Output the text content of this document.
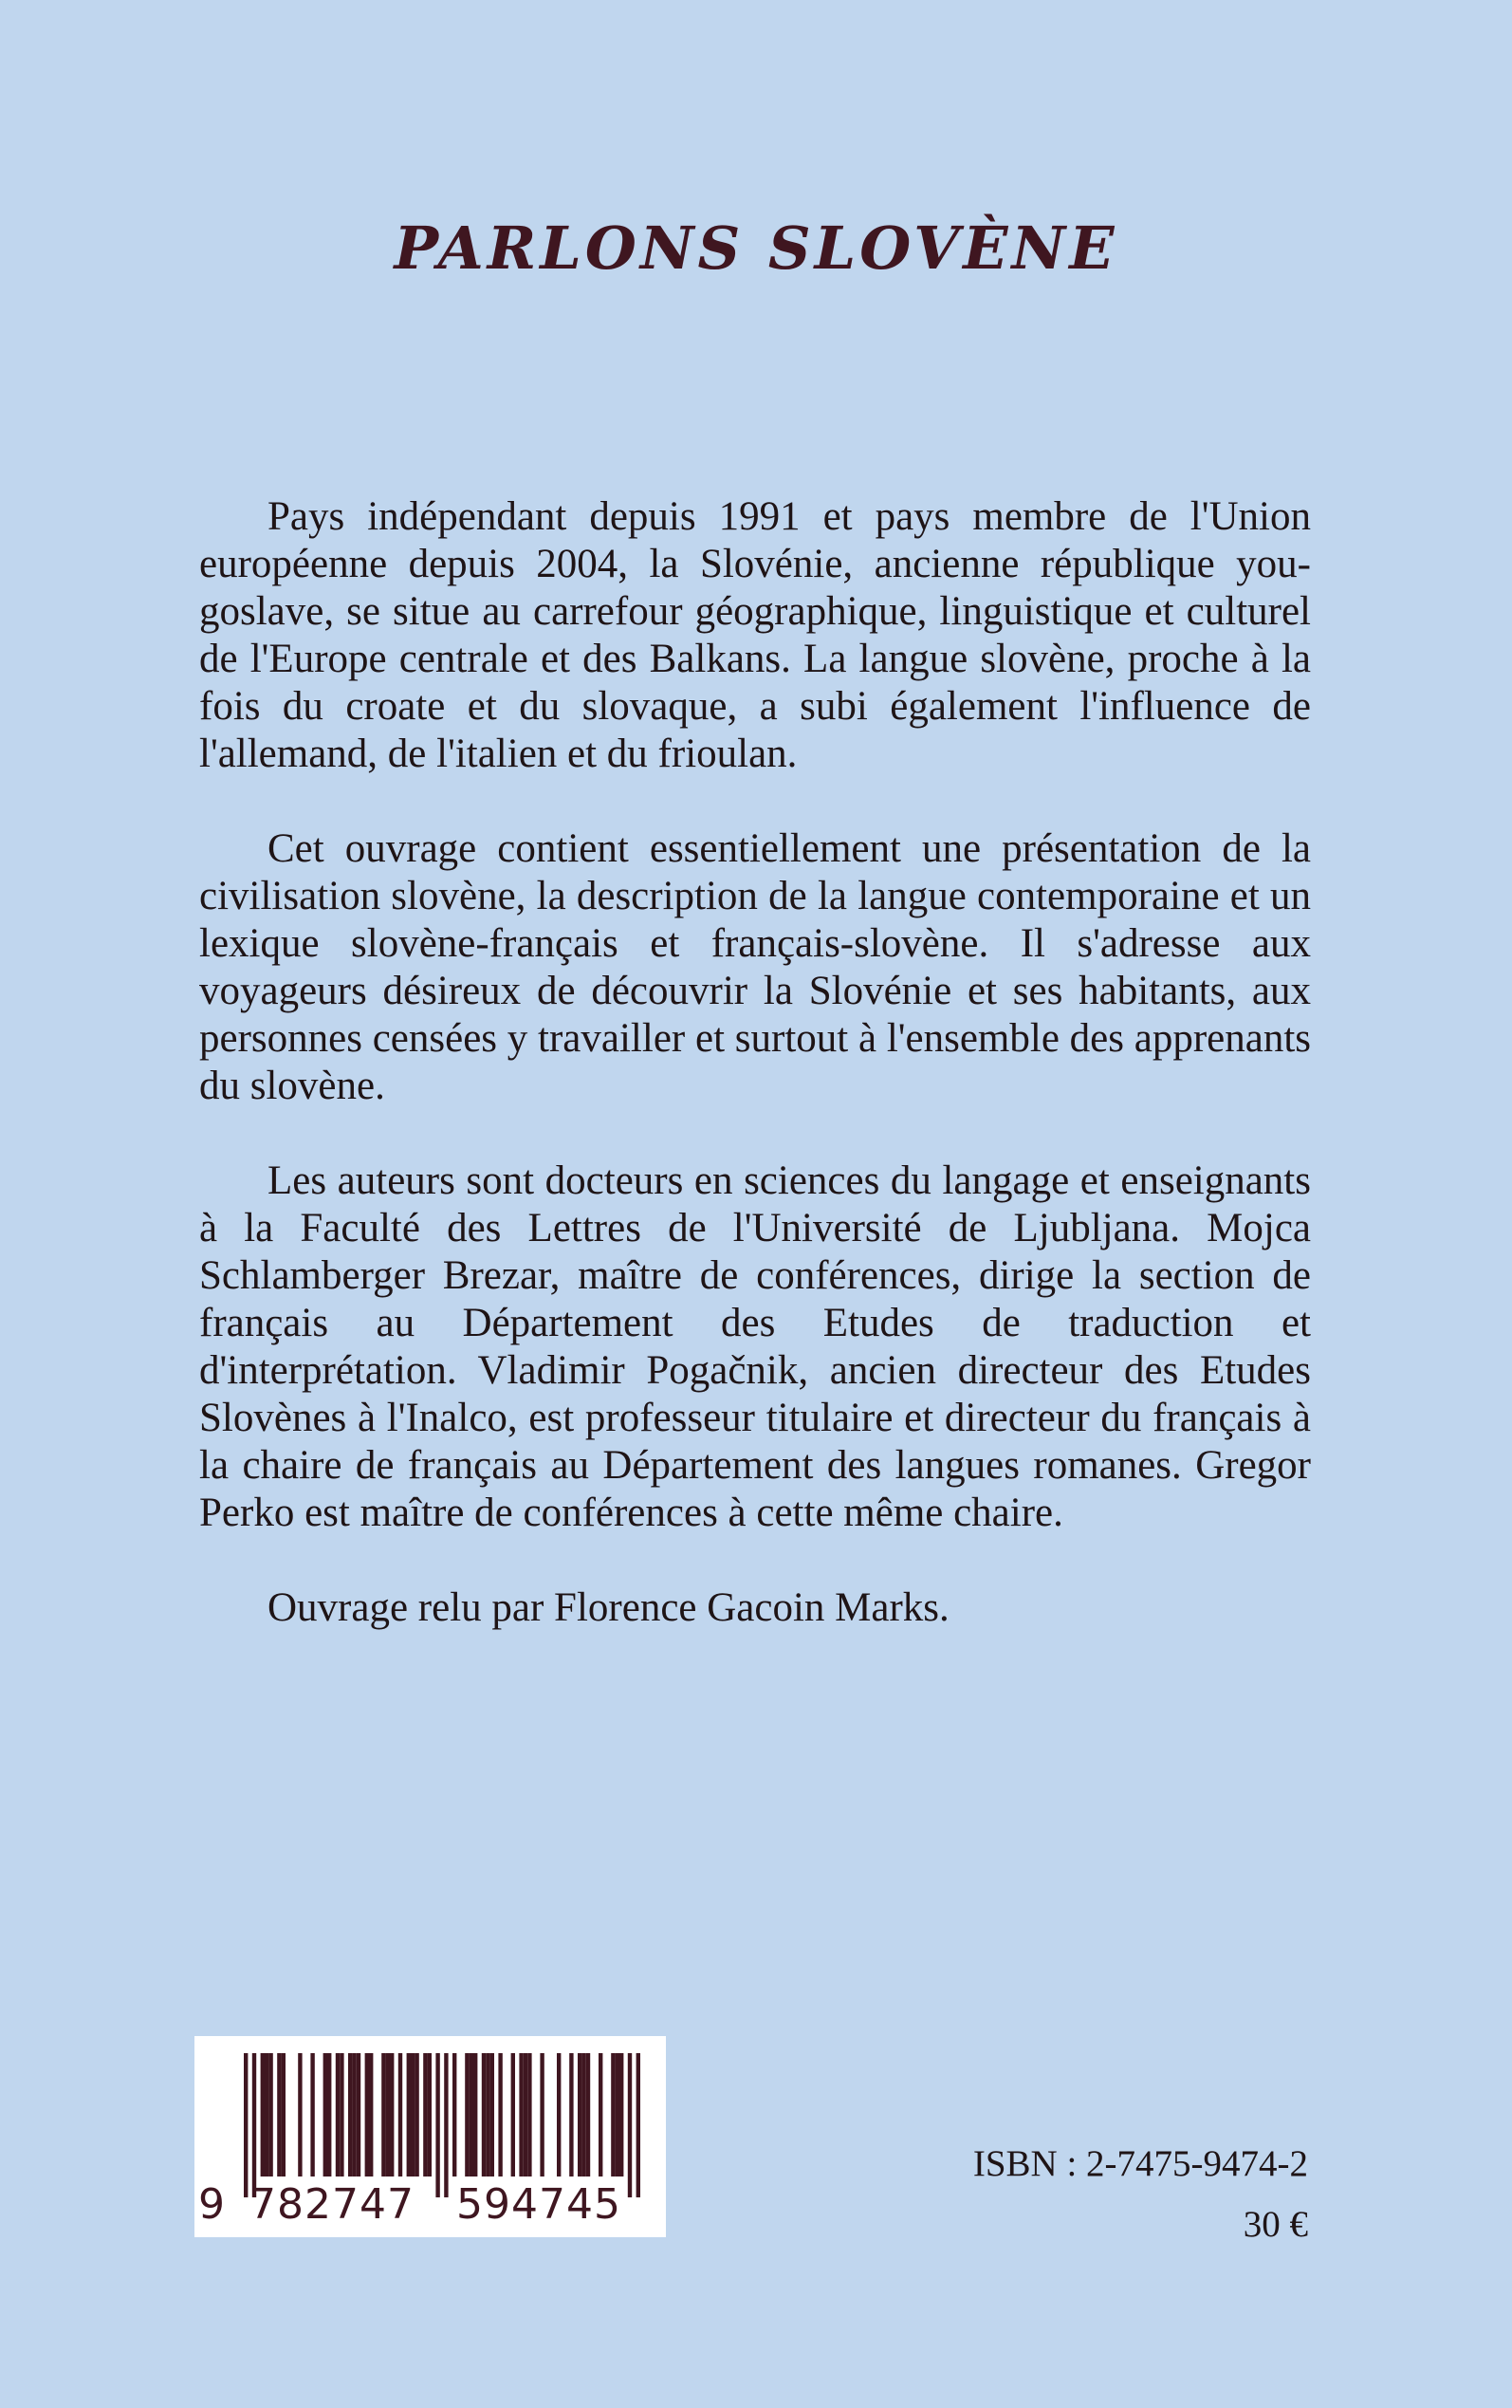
PARLONS SLOVÈNE

Pays indépendant depuis 1991 et pays membre de l'Union européenne depuis 2004, la Slovénie, ancienne république yougoslave, se situe au carrefour géographique, linguistique et culturel de l'Europe centrale et des Balkans. La langue slovène, proche à la fois du croate et du slovaque, a subi également l'influence de l'allemand, de l'italien et du frioulan.

Cet ouvrage contient essentiellement une présentation de la civilisation slovène, la description de la langue contemporaine et un lexique slovène-français et français-slovène. Il s'adresse aux voyageurs désireux de découvrir la Slovénie et ses habitants, aux personnes censées y travailler et surtout à l'ensemble des apprenants du slovène.

Les auteurs sont docteurs en sciences du langage et enseignants à la Faculté des Lettres de l'Université de Ljubljana. Mojca Schlamberger Brezar, maître de conférences, dirige la section de français au Département des Etudes de traduction et d'interprétation. Vladimir Pogačnik, ancien directeur des Etudes Slovènes à l'Inalco, est professeur titulaire et directeur du français à la chaire de français au Département des langues romanes. Gregor Perko est maître de conférences à cette même chaire.

Ouvrage relu par Florence Gacoin Marks.

9 782747 594745
ISBN : 2-7475-9474-2
30 €
